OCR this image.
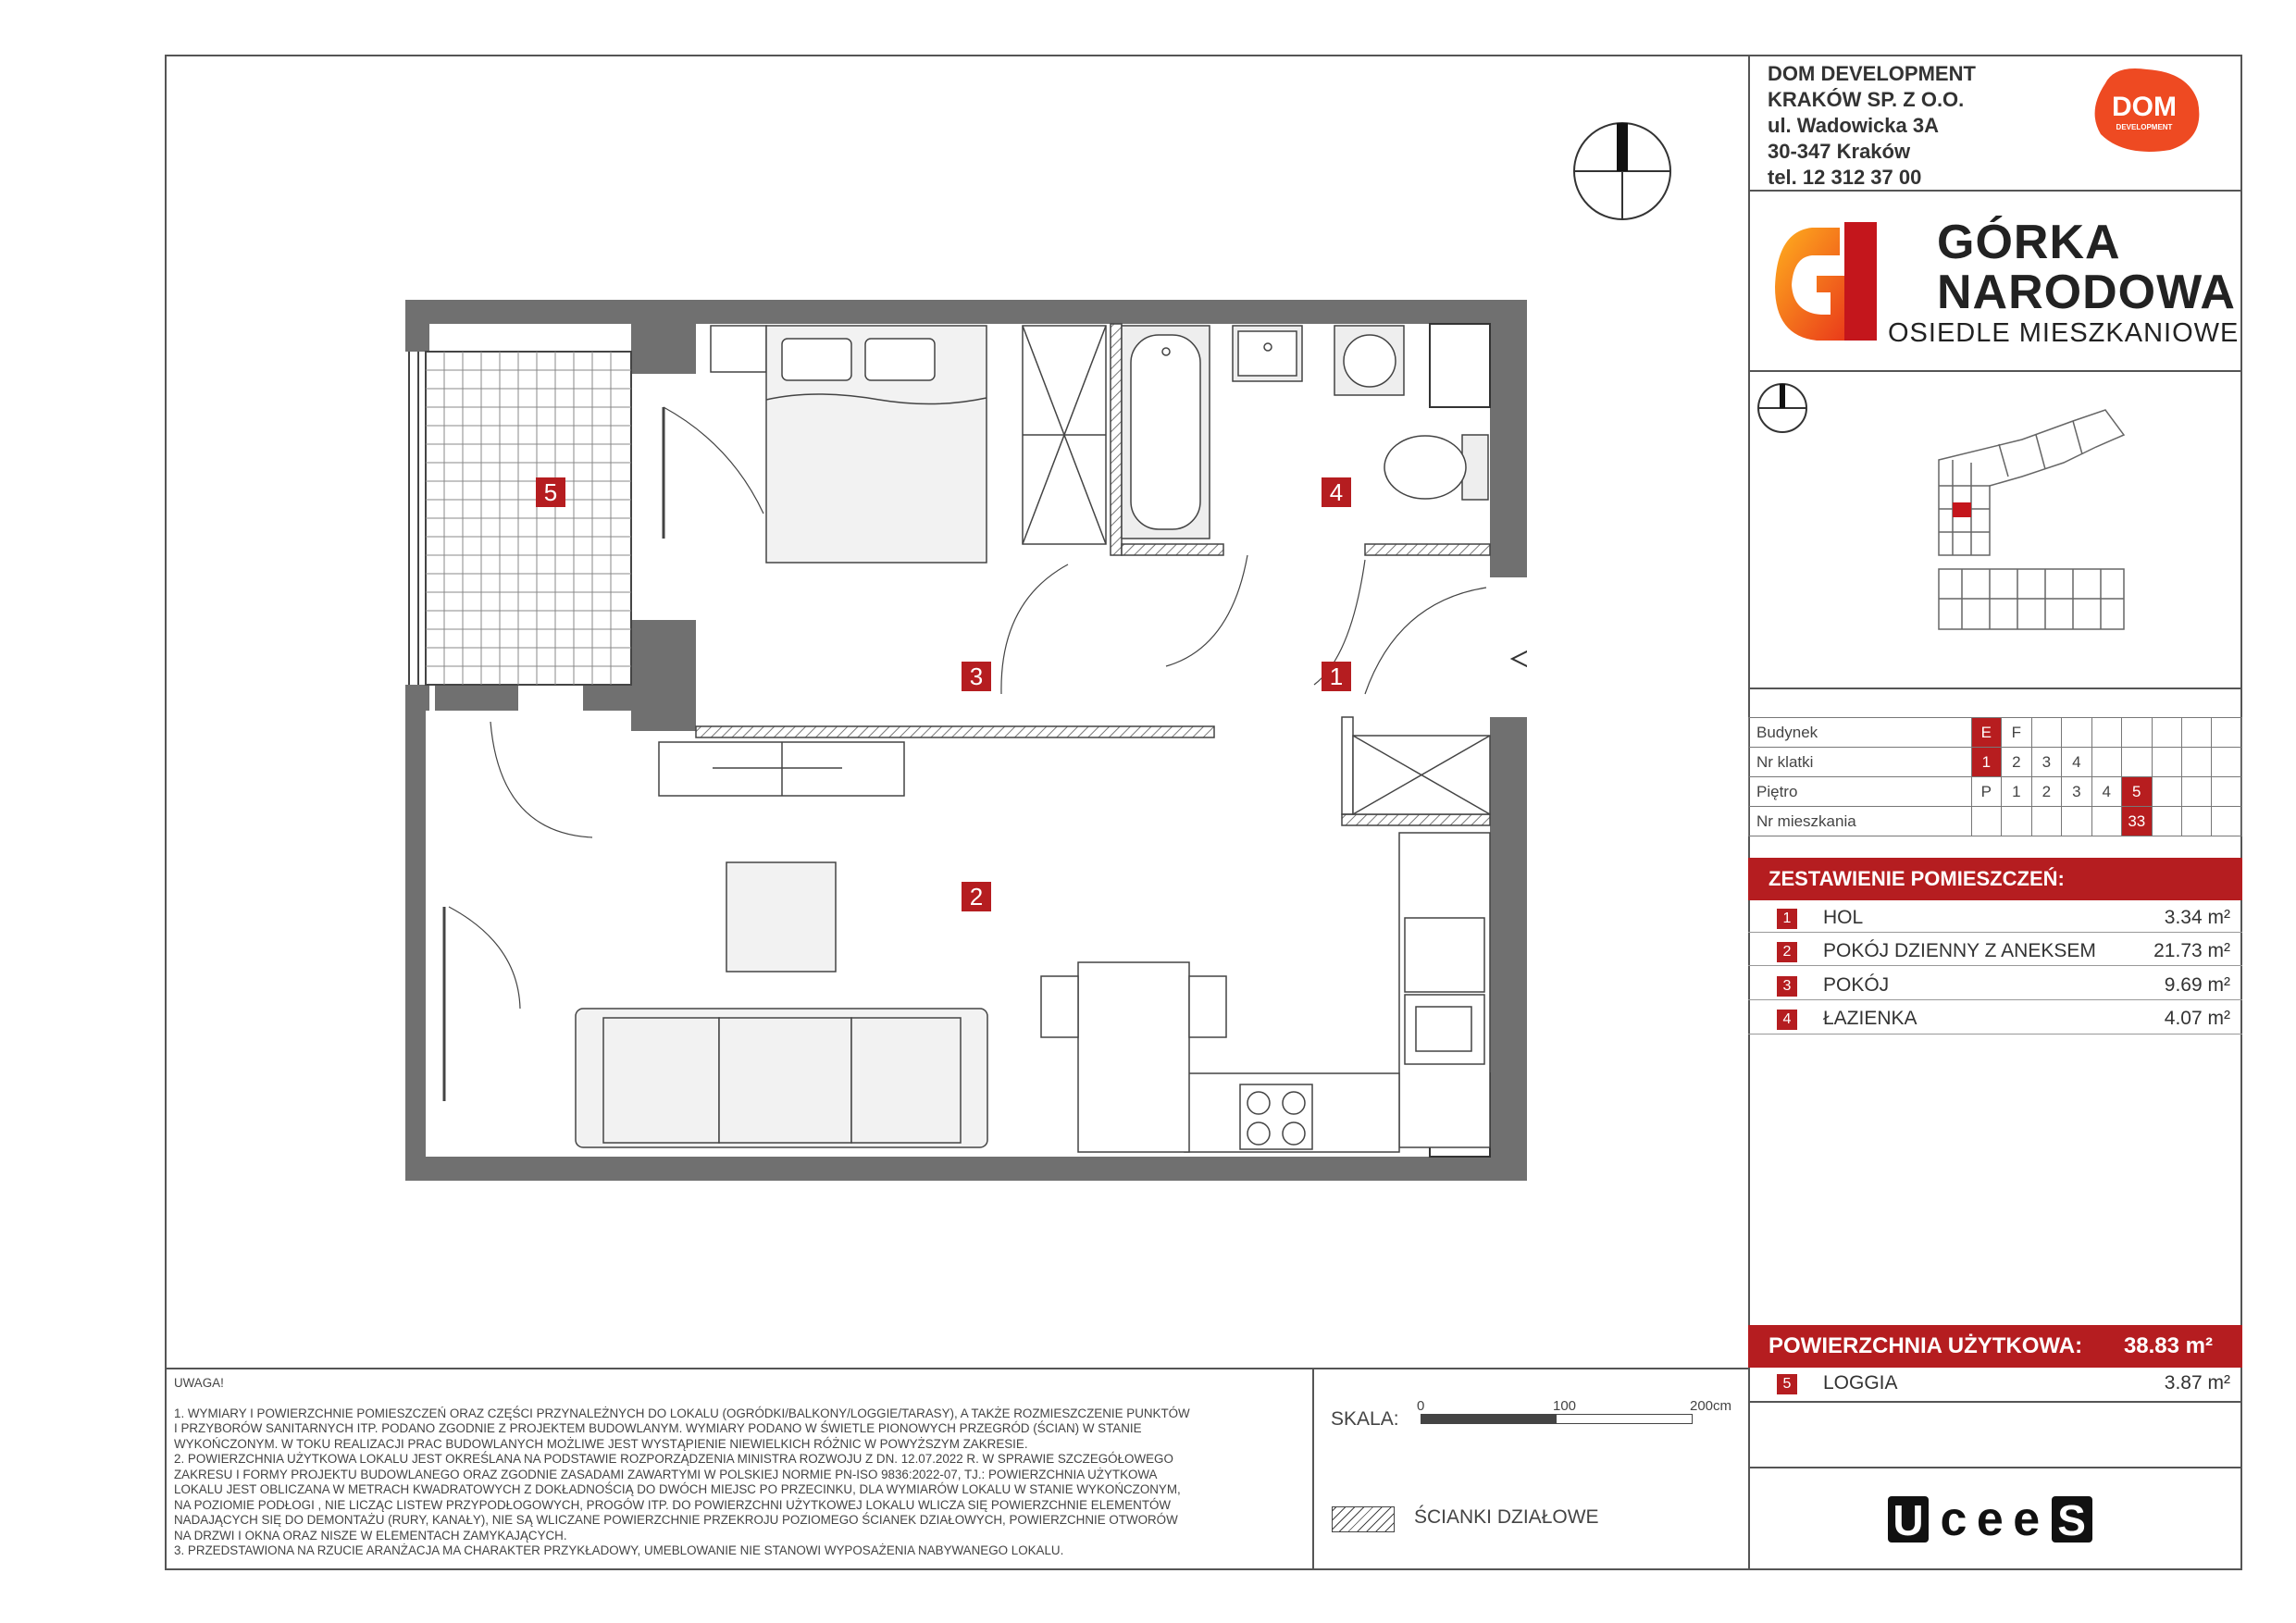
DOM DEVELOPMENT
KRAKÓW SP. Z O.O.
ul. Wadowicka 3A
30-347 Kraków
tel. 12 312 37 00
DOM
DEVELOPMENT
GÓRKA
NARODOWA
OSIEDLE MIESZKANIOWE
Budynek	E	F							
Nr klatki	1	2	3	4					
Piętro	P	1	2	3	4	5			
Nr mieszkania						33			
ZESTAWIENIE POMIESZCZEŃ:
1	HOL	3.34 m²
2	POKÓJ DZIENNY Z ANEKSEM	21.73 m²
3	POKÓJ	9.69 m²
4	ŁAZIENKA	4.07 m²
POWIERZCHNIA UŻYTKOWA: 38.83 m²
5	LOGGIA	3.87 m²
U c e e S
UWAGA!
1. WYMIARY I POWIERZCHNIE POMIESZCZEŃ ORAZ CZĘŚCI PRZYNALEŻNYCH DO LOKALU (OGRÓDKI/BALKONY/LOGGIE/TARASY), A TAKŻE ROZMIESZCZENIE PUNKTÓW
I PRZYBORÓW SANITARNYCH ITP. PODANO ZGODNIE Z PROJEKTEM BUDOWLANYM. WYMIARY PODANO W ŚWIETLE PIONOWYCH PRZEGRÓD (ŚCIAN) W STANIE
WYKOŃCZONYM. W TOKU REALIZACJI PRAC BUDOWLANYCH MOŻLIWE JEST WYSTĄPIENIE NIEWIELKICH RÓŻNIC W POWYŻSZYM ZAKRESIE.
2. POWIERZCHNIA UŻYTKOWA LOKALU JEST OKREŚLANA NA PODSTAWIE ROZPORZĄDZENIA MINISTRA ROZWOJU Z DN. 12.07.2022 R. W SPRAWIE SZCZEGÓŁOWEGO
ZAKRESU I FORMY PROJEKTU BUDOWLANEGO ORAZ ZGODNIE ZASADAMI ZAWARTYMI W POLSKIEJ NORMIE PN-ISO 9836:2022-07, TJ.: POWIERZCHNIA UŻYTKOWA
LOKALU JEST OBLICZANA W METRACH KWADRATOWYCH Z DOKŁADNOŚCIĄ DO DWÓCH MIEJSC PO PRZECINKU, DLA WYMIARÓW LOKALU W STANIE WYKOŃCZONYM,
NA POZIOMIE PODŁOGI , NIE LICZĄC LISTEW PRZYPODŁOGOWYCH, PROGÓW ITP. DO POWIERZCHNI UŻYTKOWEJ LOKALU WLICZA SIĘ POWIERZCHNIE ELEMENTÓW
NADAJĄCYCH SIĘ DO DEMONTAŻU (RURY, KANAŁY), NIE SĄ WLICZANE POWIERZCHNIE PRZEKROJU POZIOMEGO ŚCIANEK DZIAŁOWYCH, POWIERZCHNIE OTWORÓW
NA DRZWI I OKNA ORAZ NISZE W ELEMENTACH ZAMYKAJĄCYCH.
3. PRZEDSTAWIONA NA RZUCIE ARANŻACJA MA CHARAKTER PRZYKŁADOWY, UMEBLOWANIE NIE STANOWI WYPOSAŻENIA NABYWANEGO LOKALU.
SKALA:
0	100	200cm
ŚCIANKI DZIAŁOWE
1
2
3
4
5
